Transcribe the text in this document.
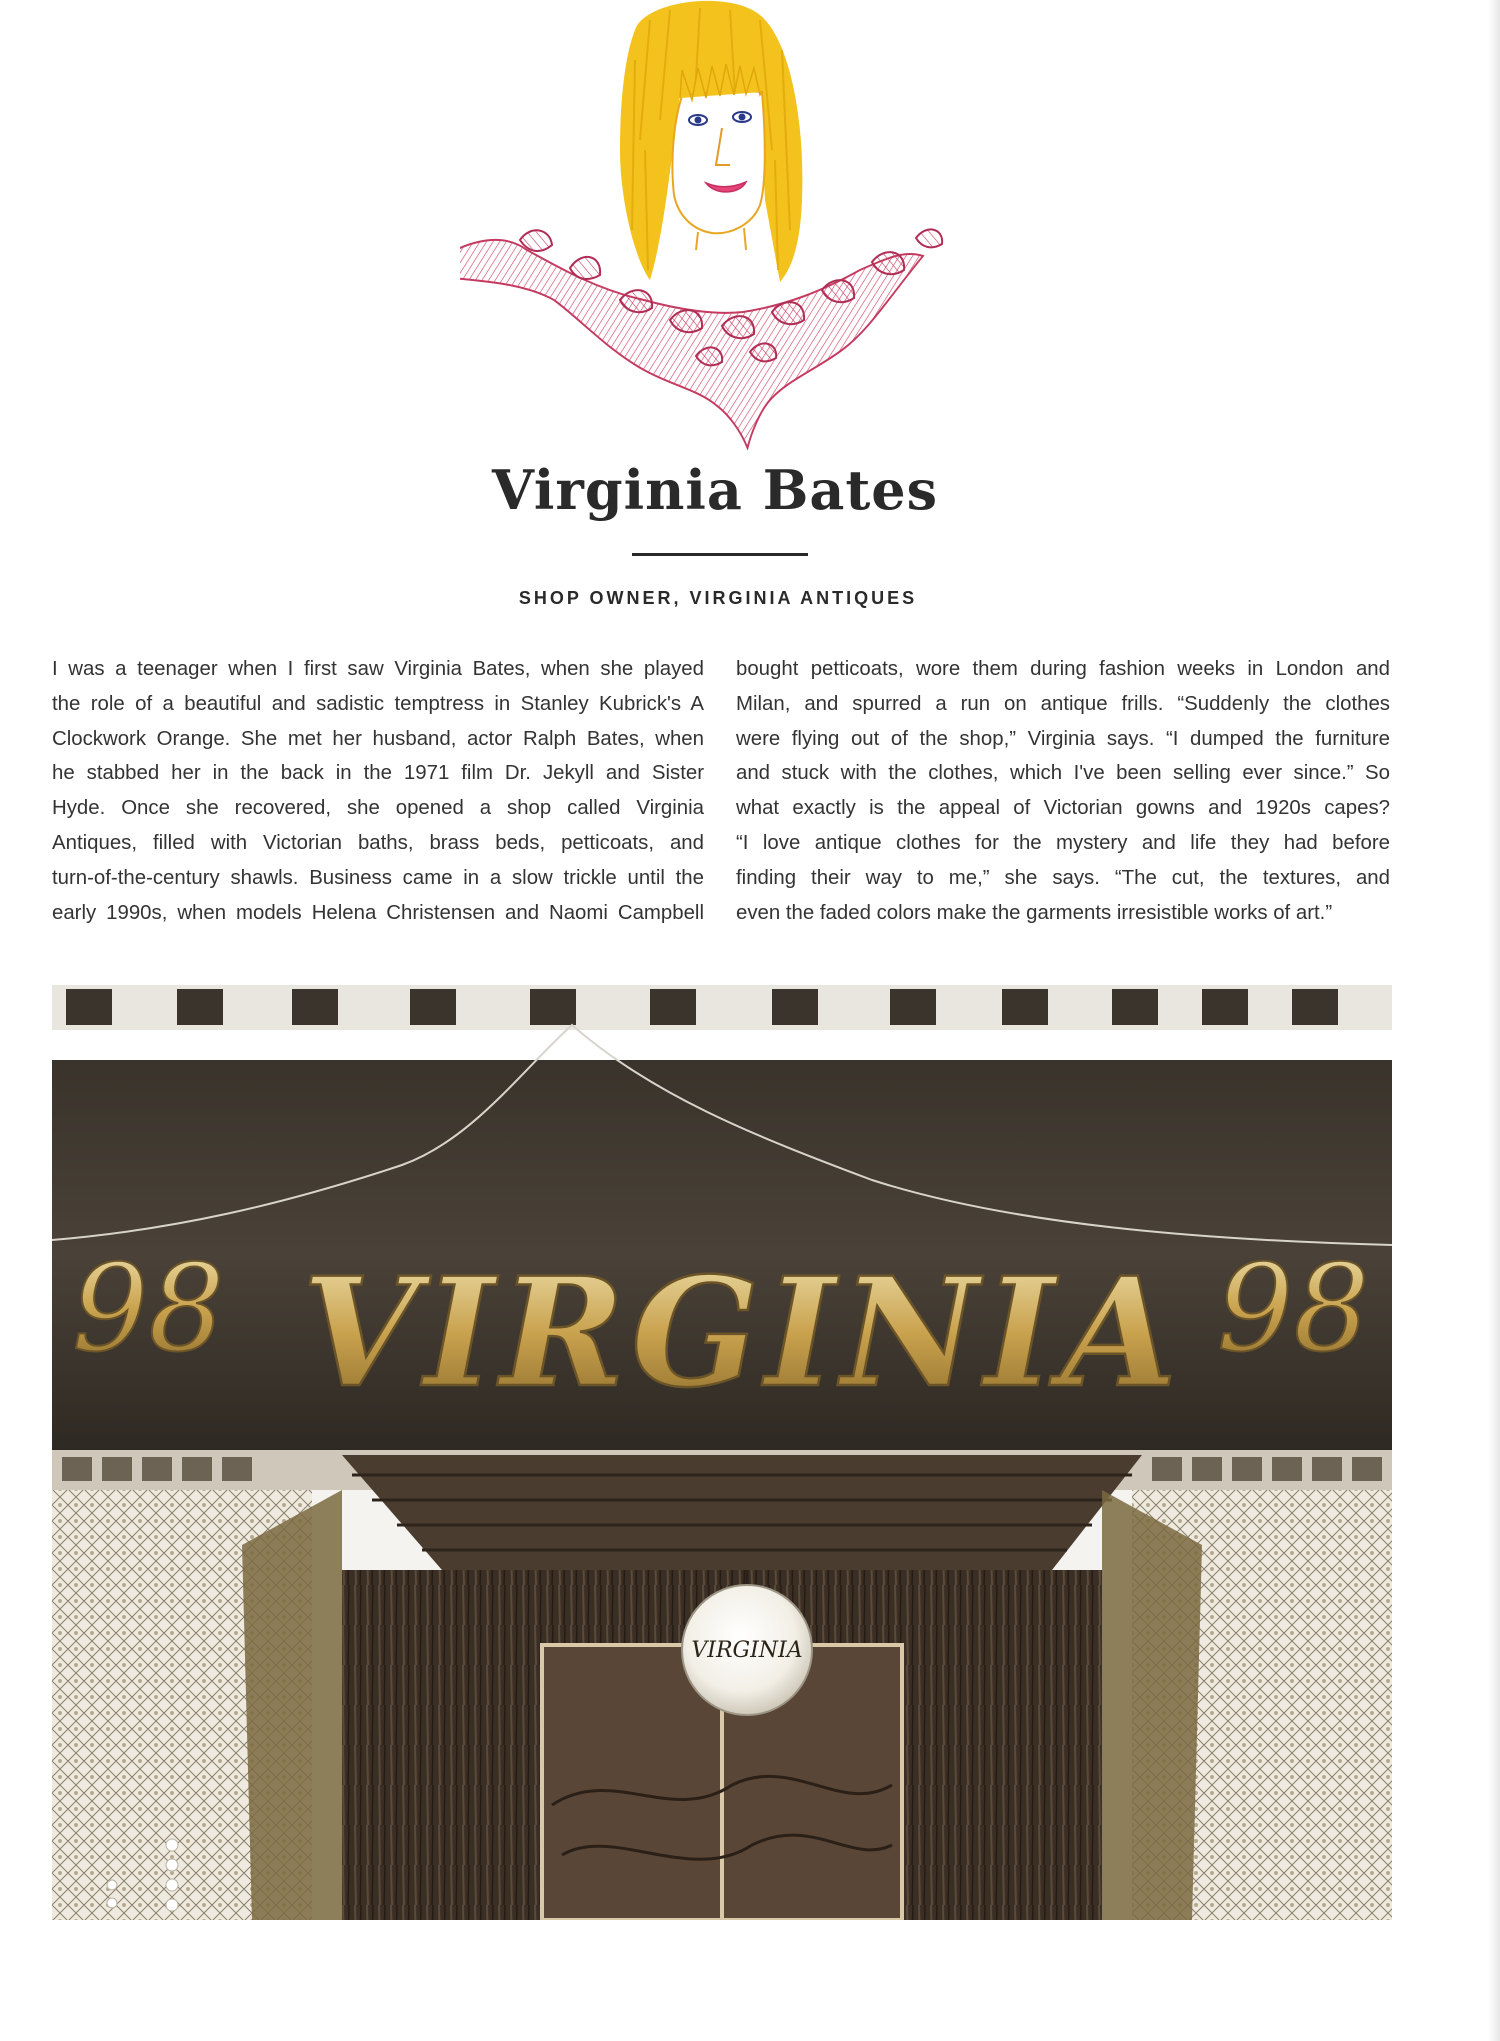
Virginia Bates
SHOP OWNER, VIRGINIA ANTIQUES
I was a teenager when I first saw Virginia Bates, when she played
the role of a beautiful and sadistic temptress in Stanley Kubrick's A
Clockwork Orange. She met her husband, actor Ralph Bates, when
he stabbed her in the back in the 1971 film Dr. Jekyll and Sister
Hyde. Once she recovered, she opened a shop called Virginia
Antiques, filled with Victorian baths, brass beds, petticoats, and
turn-of-the-century shawls. Business came in a slow trickle until the
early 1990s, when models Helena Christensen and Naomi Campbell
bought petticoats, wore them during fashion weeks in London and
Milan, and spurred a run on antique frills. “Suddenly the clothes
were flying out of the shop,” Virginia says. “I dumped the furniture
and stuck with the clothes, which I've been selling ever since.” So
what exactly is the appeal of Victorian gowns and 1920s capes?
“I love antique clothes for the mystery and life they had before
finding their way to me,” she says. “The cut, the textures, and
even the faded colors make the garments irresistible works of art.”
98	98
VIRGINIA
VIRGINIA
